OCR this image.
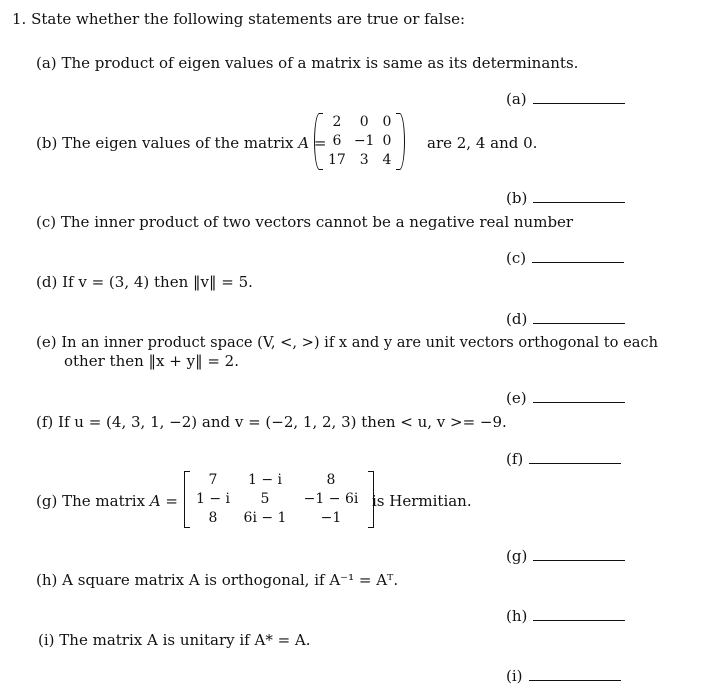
1. State whether the following statements are true or false:
(a) The product of eigen values of a matrix is same as its determinants.
(a)
(b) The eigen values of the matrix A =
2	0	0
6	−1	0
17	3	4
are 2, 4 and 0.
(b)
(c) The inner product of two vectors cannot be a negative real number
(c)
(d) If v = (3, 4) then ‖v‖ = 5.
(d)
(e) In an inner product space (V, <, >) if x and y are unit vectors orthogonal to each
other then ‖x + y‖ = 2.
(e)
(f) If u = (4, 3, 1, −2) and v = (−2, 1, 2, 3) then < u, v >= −9.
(f)
(g) The matrix A =
7	1 − i	8
1 − i	5	−1 − 6i
8	6i − 1	−1
is Hermitian.
(g)
(h) A square matrix A is orthogonal, if A⁻¹ = Aᵀ.
(h)
(i) The matrix A is unitary if A* = A.
(i)
